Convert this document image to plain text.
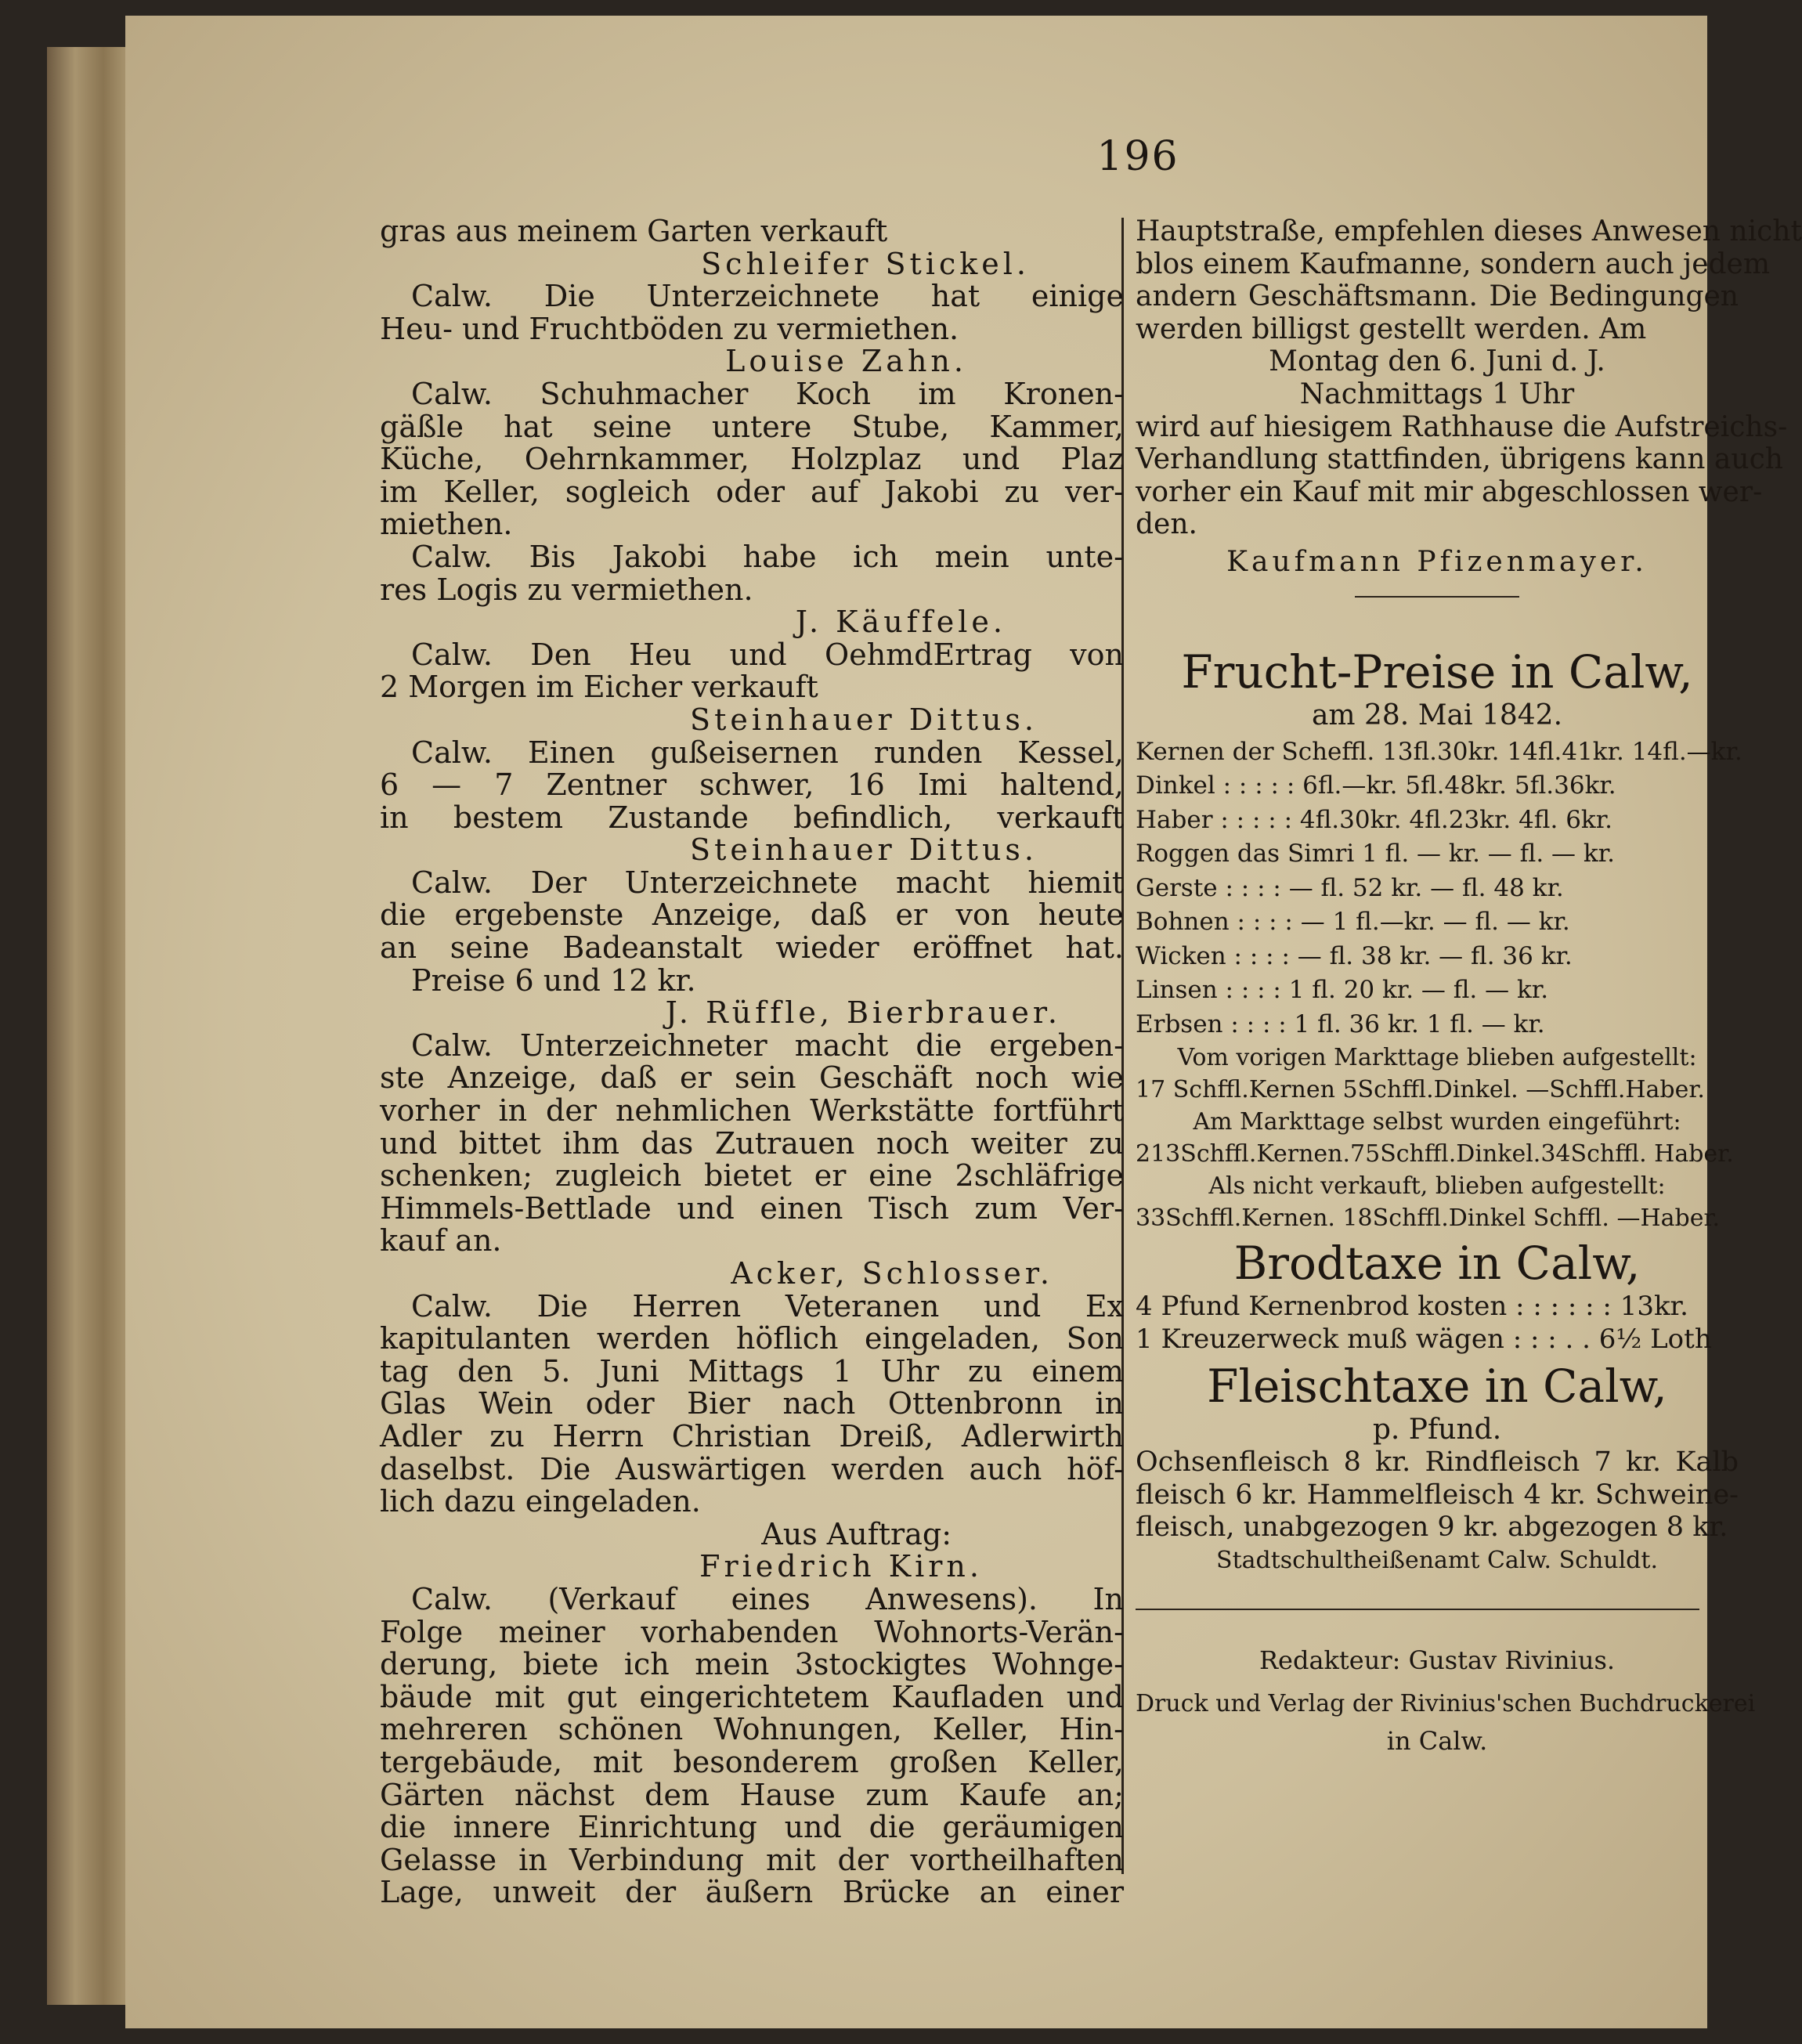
196
gras aus meinem Garten verkauft
Schleifer Stickel.
Calw. Die Unterzeichnete hat einige
Heu- und Fruchtböden zu vermiethen.
Louise Zahn.
Calw. Schuhmacher Koch im Kronen-
gäßle hat seine untere Stube, Kammer,
Küche, Oehrnkammer, Holzplaz und Plaz
im Keller, sogleich oder auf Jakobi zu ver-
miethen.
Calw. Bis Jakobi habe ich mein unte-
res Logis zu vermiethen.
J. Käuffele.
Calw. Den Heu und OehmdErtrag von
2 Morgen im Eicher verkauft
Steinhauer Dittus.
Calw. Einen gußeisernen runden Kessel,
6 — 7 Zentner schwer, 16 Imi haltend,
in bestem Zustande befindlich, verkauft
Steinhauer Dittus.
Calw. Der Unterzeichnete macht hiemit
die ergebenste Anzeige, daß er von heute
an seine Badeanstalt wieder eröffnet hat.
Preise 6 und 12 kr.
J. Rüffle, Bierbrauer.
Calw. Unterzeichneter macht die ergeben-
ste Anzeige, daß er sein Geschäft noch wie
vorher in der nehmlichen Werkstätte fortführt
und bittet ihm das Zutrauen noch weiter zu
schenken; zugleich bietet er eine 2schläfrige
Himmels-Bettlade und einen Tisch zum Ver-
kauf an.
Acker, Schlosser.
Calw. Die Herren Veteranen und Ex
kapitulanten werden höflich eingeladen, Son
tag den 5. Juni Mittags 1 Uhr zu einem
Glas Wein oder Bier nach Ottenbronn in
Adler zu Herrn Christian Dreiß, Adlerwirth
daselbst. Die Auswärtigen werden auch höf-
lich dazu eingeladen.
Aus Auftrag:
Friedrich Kirn.
Calw. (Verkauf eines Anwesens). In
Folge meiner vorhabenden Wohnorts-Verän-
derung, biete ich mein 3stockigtes Wohnge-
bäude mit gut eingerichtetem Kaufladen und
mehreren schönen Wohnungen, Keller, Hin-
tergebäude, mit besonderem großen Keller,
Gärten nächst dem Hause zum Kaufe an;
die innere Einrichtung und die geräumigen
Gelasse in Verbindung mit der vortheilhaften
Lage, unweit der äußern Brücke an einer
Hauptstraße, empfehlen dieses Anwesen nicht
blos einem Kaufmanne, sondern auch jedem
andern Geschäftsmann. Die Bedingungen
werden billigst gestellt werden. Am
Montag den 6. Juni d. J.
Nachmittags 1 Uhr
wird auf hiesigem Rathhause die Aufstreichs-
Verhandlung stattfinden, übrigens kann auch
vorher ein Kauf mit mir abgeschlossen wer-
den.
Kaufmann Pfizenmayer.
Frucht-Preise in Calw,
am 28. Mai 1842.
Kernen der Scheffl. 13fl.30kr. 14fl.41kr. 14fl.—kr.
Dinkel : : : : : 6fl.—kr. 5fl.48kr. 5fl.36kr.
Haber : : : : : 4fl.30kr. 4fl.23kr. 4fl. 6kr.
Roggen das Simri 1 fl. — kr. — fl. — kr.
Gerste : : : : — fl. 52 kr. — fl. 48 kr.
Bohnen : : : : — 1 fl.—kr. — fl. — kr.
Wicken : : : : — fl. 38 kr. — fl. 36 kr.
Linsen : : : : 1 fl. 20 kr. — fl. — kr.
Erbsen : : : : 1 fl. 36 kr. 1 fl. — kr.
Vom vorigen Markttage blieben aufgestellt:
17 Schffl.Kernen 5Schffl.Dinkel. —Schffl.Haber.
Am Markttage selbst wurden eingeführt:
213Schffl.Kernen.75Schffl.Dinkel.34Schffl. Haber.
Als nicht verkauft, blieben aufgestellt:
33Schffl.Kernen. 18Schffl.Dinkel Schffl. —Haber.
Brodtaxe in Calw,
4 Pfund Kernenbrod kosten : : : : : : 13kr.
1 Kreuzerweck muß wägen : : : . . 6½ Loth
Fleischtaxe in Calw,
p. Pfund.
Ochsenfleisch 8 kr. Rindfleisch 7 kr. Kalb
fleisch 6 kr. Hammelfleisch 4 kr. Schweine-
fleisch, unabgezogen 9 kr. abgezogen 8 kr.
Stadtschultheißenamt Calw. Schuldt.
Redakteur: Gustav Rivinius.
Druck und Verlag der Rivinius'schen Buchdruckerei
in Calw.
